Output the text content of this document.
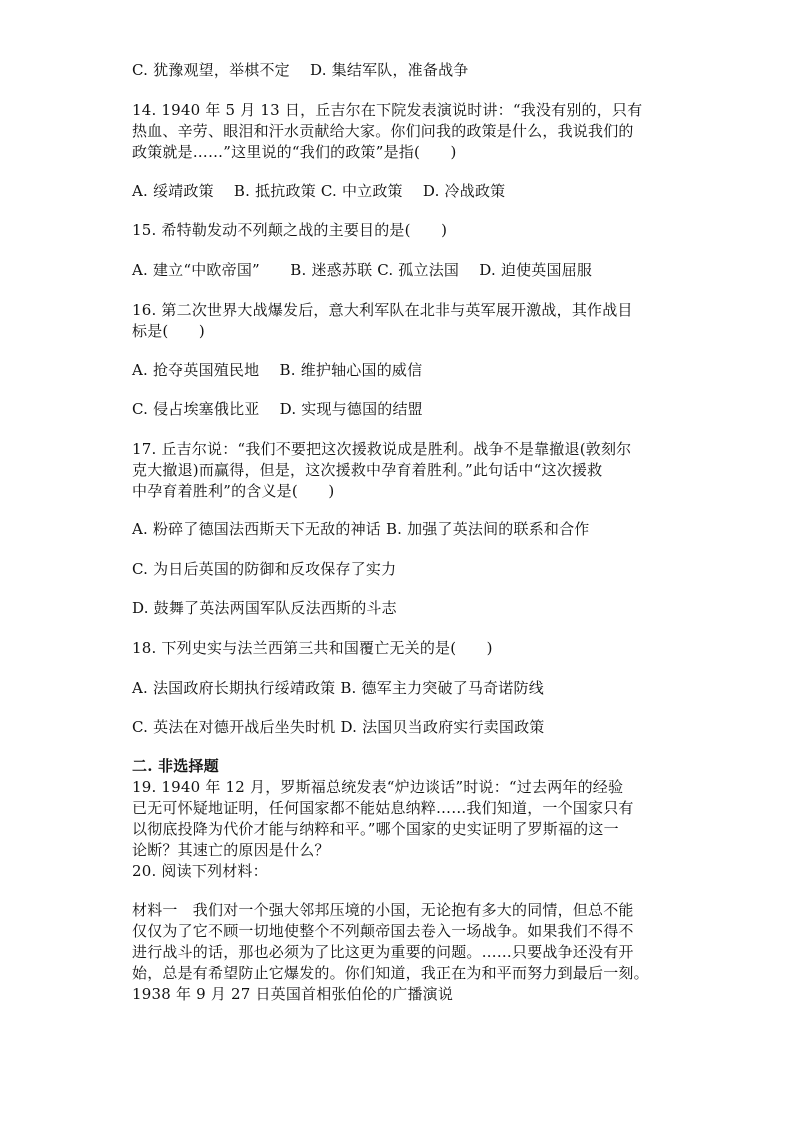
C. 犹豫观望，举棋不定　 D. 集结军队，准备战争
14. 1940 年 5 月 13 日，丘吉尔在下院发表演说时讲：“我没有别的，只有
热血、辛劳、眼泪和汗水贡献给大家。你们问我的政策是什么，我说我们的
政策就是……”这里说的“我们的政策”是指(　　)
A. 绥靖政策　 B. 抵抗政策 C. 中立政策　 D. 冷战政策
15. 希特勒发动不列颠之战的主要目的是(　　)
A. 建立“中欧帝国”　　B. 迷惑苏联 C. 孤立法国　 D. 迫使英国屈服
16. 第二次世界大战爆发后，意大利军队在北非与英军展开激战，其作战目
标是(　　)
A. 抢夺英国殖民地　 B. 维护轴心国的威信
C. 侵占埃塞俄比亚　 D. 实现与德国的结盟
17. 丘吉尔说：“我们不要把这次援救说成是胜利。战争不是靠撤退(敦刻尔
克大撤退)而赢得，但是，这次援救中孕育着胜利。”此句话中“这次援救
中孕育着胜利”的含义是(　　)
A. 粉碎了德国法西斯天下无敌的神话 B. 加强了英法间的联系和合作
C. 为日后英国的防御和反攻保存了实力
D. 鼓舞了英法两国军队反法西斯的斗志
18. 下列史实与法兰西第三共和国覆亡无关的是(　　)
A. 法国政府长期执行绥靖政策 B. 德军主力突破了马奇诺防线
C. 英法在对德开战后坐失时机 D. 法国贝当政府实行卖国政策
二. 非选择题
19. 1940 年 12 月，罗斯福总统发表“炉边谈话”时说：“过去两年的经验
已无可怀疑地证明，任何国家都不能姑息纳粹……我们知道，一个国家只有
以彻底投降为代价才能与纳粹和平。”哪个国家的史实证明了罗斯福的这一
论断？其速亡的原因是什么？
20. 阅读下列材料：
材料一　我们对一个强大邻邦压境的小国，无论抱有多大的同情，但总不能
仅仅为了它不顾一切地使整个不列颠帝国去卷入一场战争。如果我们不得不
进行战斗的话，那也必须为了比这更为重要的问题。……只要战争还没有开
始，总是有希望防止它爆发的。你们知道，我正在为和平而努力到最后一刻。
1938 年 9 月 27 日英国首相张伯伦的广播演说
